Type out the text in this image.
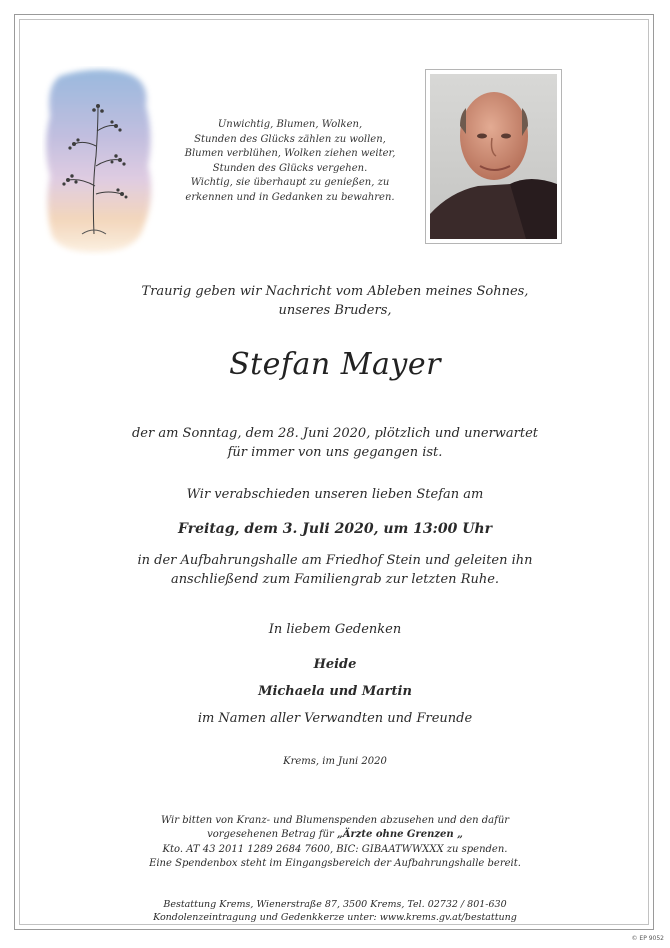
Unwichtig, Blumen, Wolken,
Stunden des Glücks zählen zu wollen,
Blumen verblühen, Wolken ziehen weiter,
Stunden des Glücks vergehen.
Wichtig, sie überhaupt zu genießen, zu
erkennen und in Gedanken zu bewahren.
Traurig geben wir Nachricht vom Ableben meines Sohnes,
unseres Bruders,
Stefan Mayer
der am Sonntag, dem 28. Juni 2020, plötzlich und unerwartet
für immer von uns gegangen ist.
Wir verabschieden unseren lieben Stefan am
Freitag, dem 3. Juli 2020, um 13:00 Uhr
in der Aufbahrungshalle am Friedhof Stein und geleiten ihn
anschließend zum Familiengrab zur letzten Ruhe.
In liebem Gedenken
Heide
Michaela und Martin
im Namen aller Verwandten und Freunde
Krems, im Juni 2020
Wir bitten von Kranz- und Blumenspenden abzusehen und den dafür
vorgesehenen Betrag für „Ärzte ohne Grenzen „
Kto. AT 43 2011 1289 2684 7600, BIC: GIBAATWWXXX zu spenden.
Eine Spendenbox steht im Eingangsbereich der Aufbahrungshalle bereit.
Bestattung Krems, Wienerstraße 87, 3500 Krems, Tel. 02732 / 801-630
Kondolenzeintragung und Gedenkkerze unter: www.krems.gv.at/bestattung
© EP 9052
